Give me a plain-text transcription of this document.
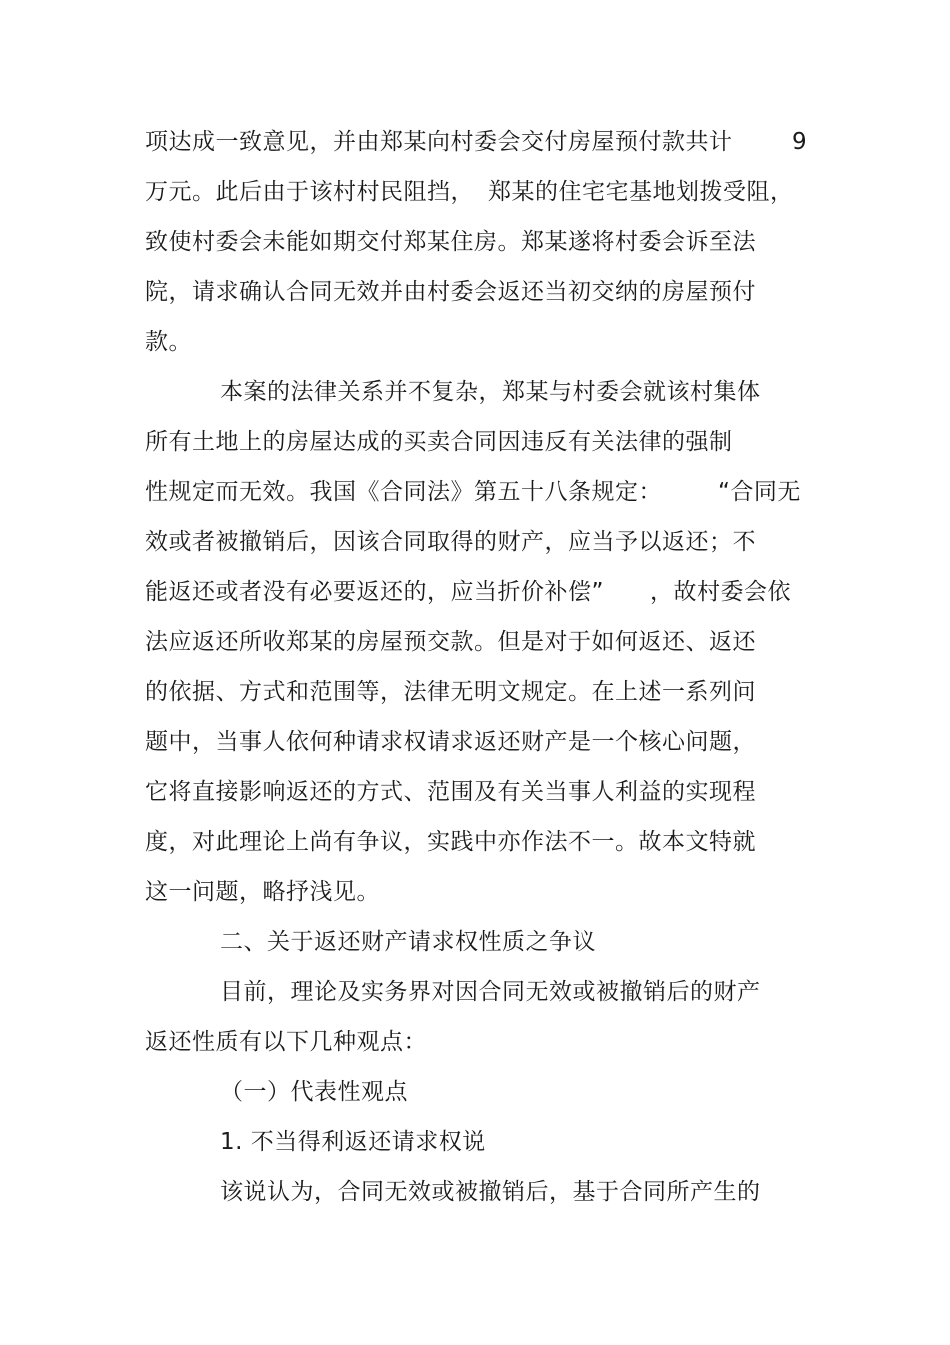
项达成一致意见，并由郑某向村委会交付房屋预付款共计	9
万元。此后由于该村村民阻挡， 郑某的住宅宅基地划拨受阻，
致使村委会未能如期交付郑某住房。郑某遂将村委会诉至法
院，请求确认合同无效并由村委会返还当初交纳的房屋预付
款。
本案的法律关系并不复杂，郑某与村委会就该村集体
所有土地上的房屋达成的买卖合同因违反有关法律的强制
性规定而无效。我国《合同法》第五十八条规定： “合同无
效或者被撤销后，因该合同取得的财产，应当予以返还；不
能返还或者没有必要返还的，应当折价补偿” ，故村委会依
法应返还所收郑某的房屋预交款。但是对于如何返还、返还
的依据、方式和范围等，法律无明文规定。在上述一系列问
题中，当事人依何种请求权请求返还财产是一个核心问题，
它将直接影响返还的方式、范围及有关当事人利益的实现程
度，对此理论上尚有争议，实践中亦作法不一。故本文特就
这一问题，略抒浅见。
二、关于返还财产请求权性质之争议
目前，理论及实务界对因合同无效或被撤销后的财产
返还性质有以下几种观点：
（一）代表性观点
1. 不当得利返还请求权说
该说认为，合同无效或被撤销后，基于合同所产生的
